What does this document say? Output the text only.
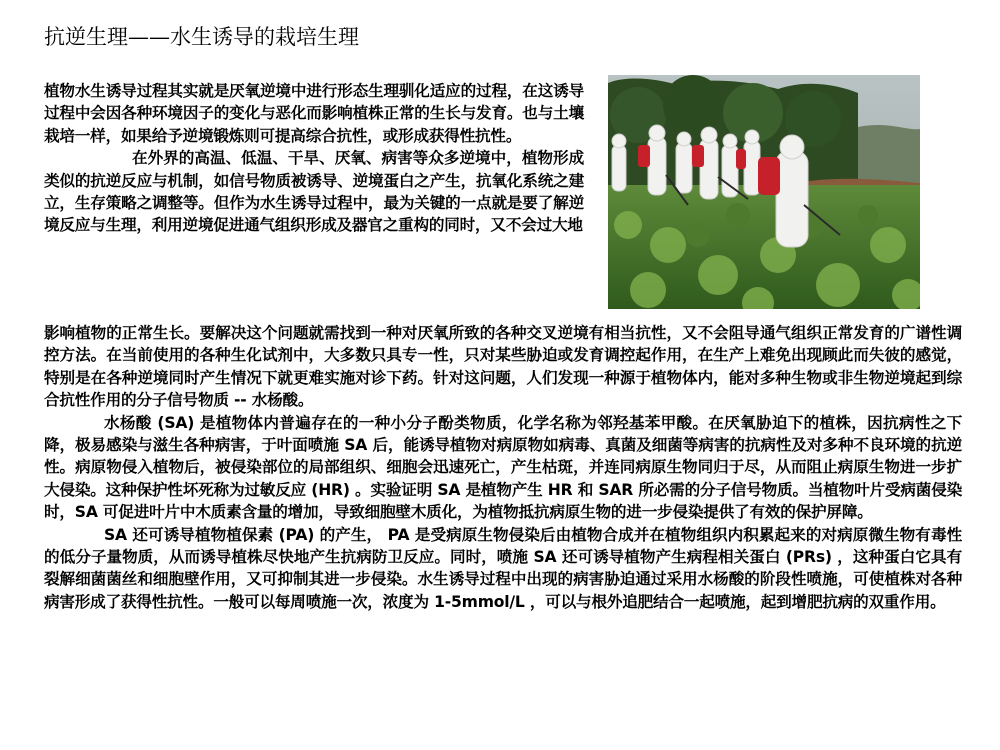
抗逆生理——水生诱导的栽培生理

植物水生诱导过程其实就是厌氧逆境中进行形态生理驯化适应的过程，在这诱导过程中会因各种环境因子的变化与恶化而影响植株正常的生长与发育。也与土壤栽培一样，如果给予逆境锻炼则可提高综合抗性，或形成获得性抗性。

在外界的高温、低温、干旱、厌氧、病害等众多逆境中，植物形成类似的抗逆反应与机制，如信号物质被诱导、逆境蛋白之产生，抗氧化系统之建立，生存策略之调整等。但作为水生诱导过程中，最为关键的一点就是要了解逆境反应与生理，利用逆境促进通气组织形成及器官之重构的同时，又不会过大地

影响植物的正常生长。要解决这个问题就需找到一种对厌氧所致的各种交叉逆境有相当抗性，又不会阻导通气组织正常发育的广谱性调控方法。在当前使用的各种生化试剂中，大多数只具专一性，只对某些胁迫或发育调控起作用，在生产上难免出现顾此而失彼的感觉，特别是在各种逆境同时产生情况下就更难实施对诊下药。针对这问题，人们发现一种源于植物体内，能对多种生物或非生物逆境起到综合抗性作用的分子信号物质 -- 水杨酸。

水杨酸 (SA) 是植物体内普遍存在的一种小分子酚类物质，化学名称为邻羟基苯甲酸。在厌氧胁迫下的植株，因抗病性之下降，极易感染与滋生各种病害，于叶面喷施 SA 后，能诱导植物对病原物如病毒、真菌及细菌等病害的抗病性及对多种不良环境的抗逆性。病原物侵入植物后，被侵染部位的局部组织、细胞会迅速死亡，产生枯斑，并连同病原生物同归于尽，从而阻止病原生物进一步扩大侵染。这种保护性坏死称为过敏反应 (HR) 。实验证明 SA 是植物产生 HR 和 SAR 所必需的分子信号物质。当植物叶片受病菌侵染时，SA 可促进叶片中木质素含量的增加，导致细胞壁木质化，为植物抵抗病原生物的进一步侵染提供了有效的保护屏障。

SA 还可诱导植物植保素 (PA) 的产生， PA 是受病原生物侵染后由植物合成并在植物组织内积累起来的对病原微生物有毒性的低分子量物质，从而诱导植株尽快地产生抗病防卫反应。同时，喷施 SA 还可诱导植物产生病程相关蛋白 (PRs) ，这种蛋白它具有裂解细菌菌丝和细胞壁作用，又可抑制其进一步侵染。水生诱导过程中出现的病害胁迫通过采用水杨酸的阶段性喷施，可使植株对各种病害形成了获得性抗性。一般可以每周喷施一次，浓度为 1-5mmol/L ，可以与根外追肥结合一起喷施，起到增肥抗病的双重作用。
